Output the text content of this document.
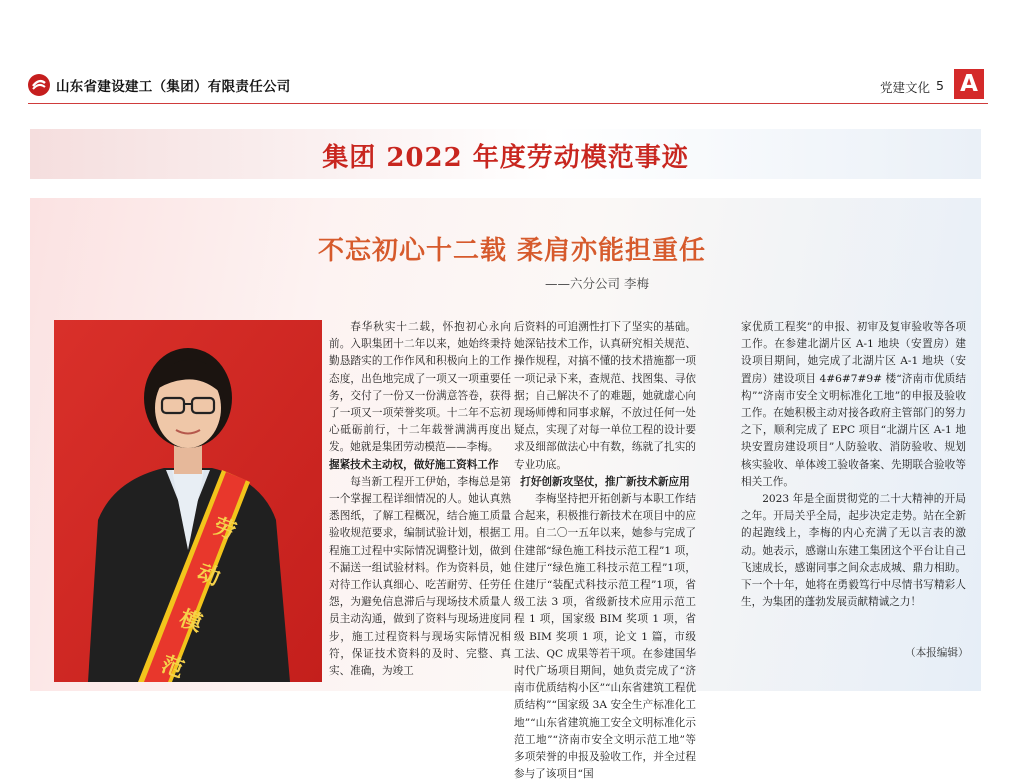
山东省建设建工（集团）有限责任公司	党建文化 5 A
集团 2022 年度劳动模范事迹
不忘初心十二载 柔肩亦能担重任
——六分公司 李梅
劳
动
模
范

春华秋实十二载，怀抱初心永向前。入职集团十二年以来，她始终秉持勤恳踏实的工作作风和积极向上的工作态度，出色地完成了一项又一项重要任务，交付了一份又一份满意答卷，获得了一项又一项荣誉奖项。十二年不忘初心砥砺前行，十二年载誉满满再度出发。她就是集团劳动模范——李梅。

握紧技术主动权，做好施工资料工作

每当新工程开工伊始，李梅总是第一个掌握工程详细情况的人。她认真熟悉图纸，了解工程概况，结合施工质量验收规范要求，编制试验计划，根据工程施工过程中实际情况调整计划，做到不漏送一组试验材料。作为资料员，她对待工作认真细心、吃苦耐劳、任劳任怨，为避免信息滞后与现场技术质量人员主动沟通，做到了资料与现场进度同步，施工过程资料与现场实际情况相符，保证技术资料的及时、完整、真实、准确，为竣工

后资料的可追溯性打下了坚实的基础。她深钻技术工作，认真研究相关规范、操作规程，对搞不懂的技术措施都一项一项记录下来，查规范、找图集、寻依据；自己解决不了的难题，她就虚心向现场师傅和同事求解，不放过任何一处疑点，实现了对每一单位工程的设计要求及细部做法心中有数，练就了扎实的专业功底。

打好创新攻坚仗，推广新技术新应用

李梅坚持把开拓创新与本职工作结合起来，积极推行新技术在项目中的应用。自二〇一五年以来，她参与完成了住建部“绿色施工科技示范工程”1 项，住建厅“绿色施工科技示范工程”1项，住建厅“装配式科技示范工程”1项，省级工法 3 项，省级新技术应用示范工程 1 项，国家级 BIM 奖项 1 项，省级 BIM 奖项 1 项，论文 1 篇，市级工法、QC 成果等若干项。在参建国华时代广场项目期间，她负责完成了“济南市优质结构小区”“山东省建筑工程优质结构”“国家级 3A 安全生产标准化工地”“山东省建筑施工安全文明标准化示范工地”“济南市安全文明示范工地”等多项荣誉的申报及验收工作，并全过程参与了该项目“国

家优质工程奖”的申报、初审及复审验收等各项工作。在参建北湖片区 A-1 地块（安置房）建设项目期间，她完成了北湖片区 A-1 地块（安置房）建设项目 4#6#7#9# 楼“济南市优质结构”“济南市安全文明标准化工地”的申报及验收工作。在她积极主动对接各政府主管部门的努力之下，顺利完成了 EPC 项目“北湖片区 A-1 地块安置房建设项目”人防验收、消防验收、规划核实验收、单体竣工验收备案、先期联合验收等相关工作。

2023 年是全面贯彻党的二十大精神的开局之年。开局关乎全局，起步决定走势。站在全新的起跑线上，李梅的内心充满了无以言表的激动。她表示，感谢山东建工集团这个平台让自己飞速成长，感谢同事之间众志成城、鼎力相助。下一个十年，她将在勇毅笃行中尽情书写精彩人生，为集团的蓬勃发展贡献精诚之力！

（本报编辑）
